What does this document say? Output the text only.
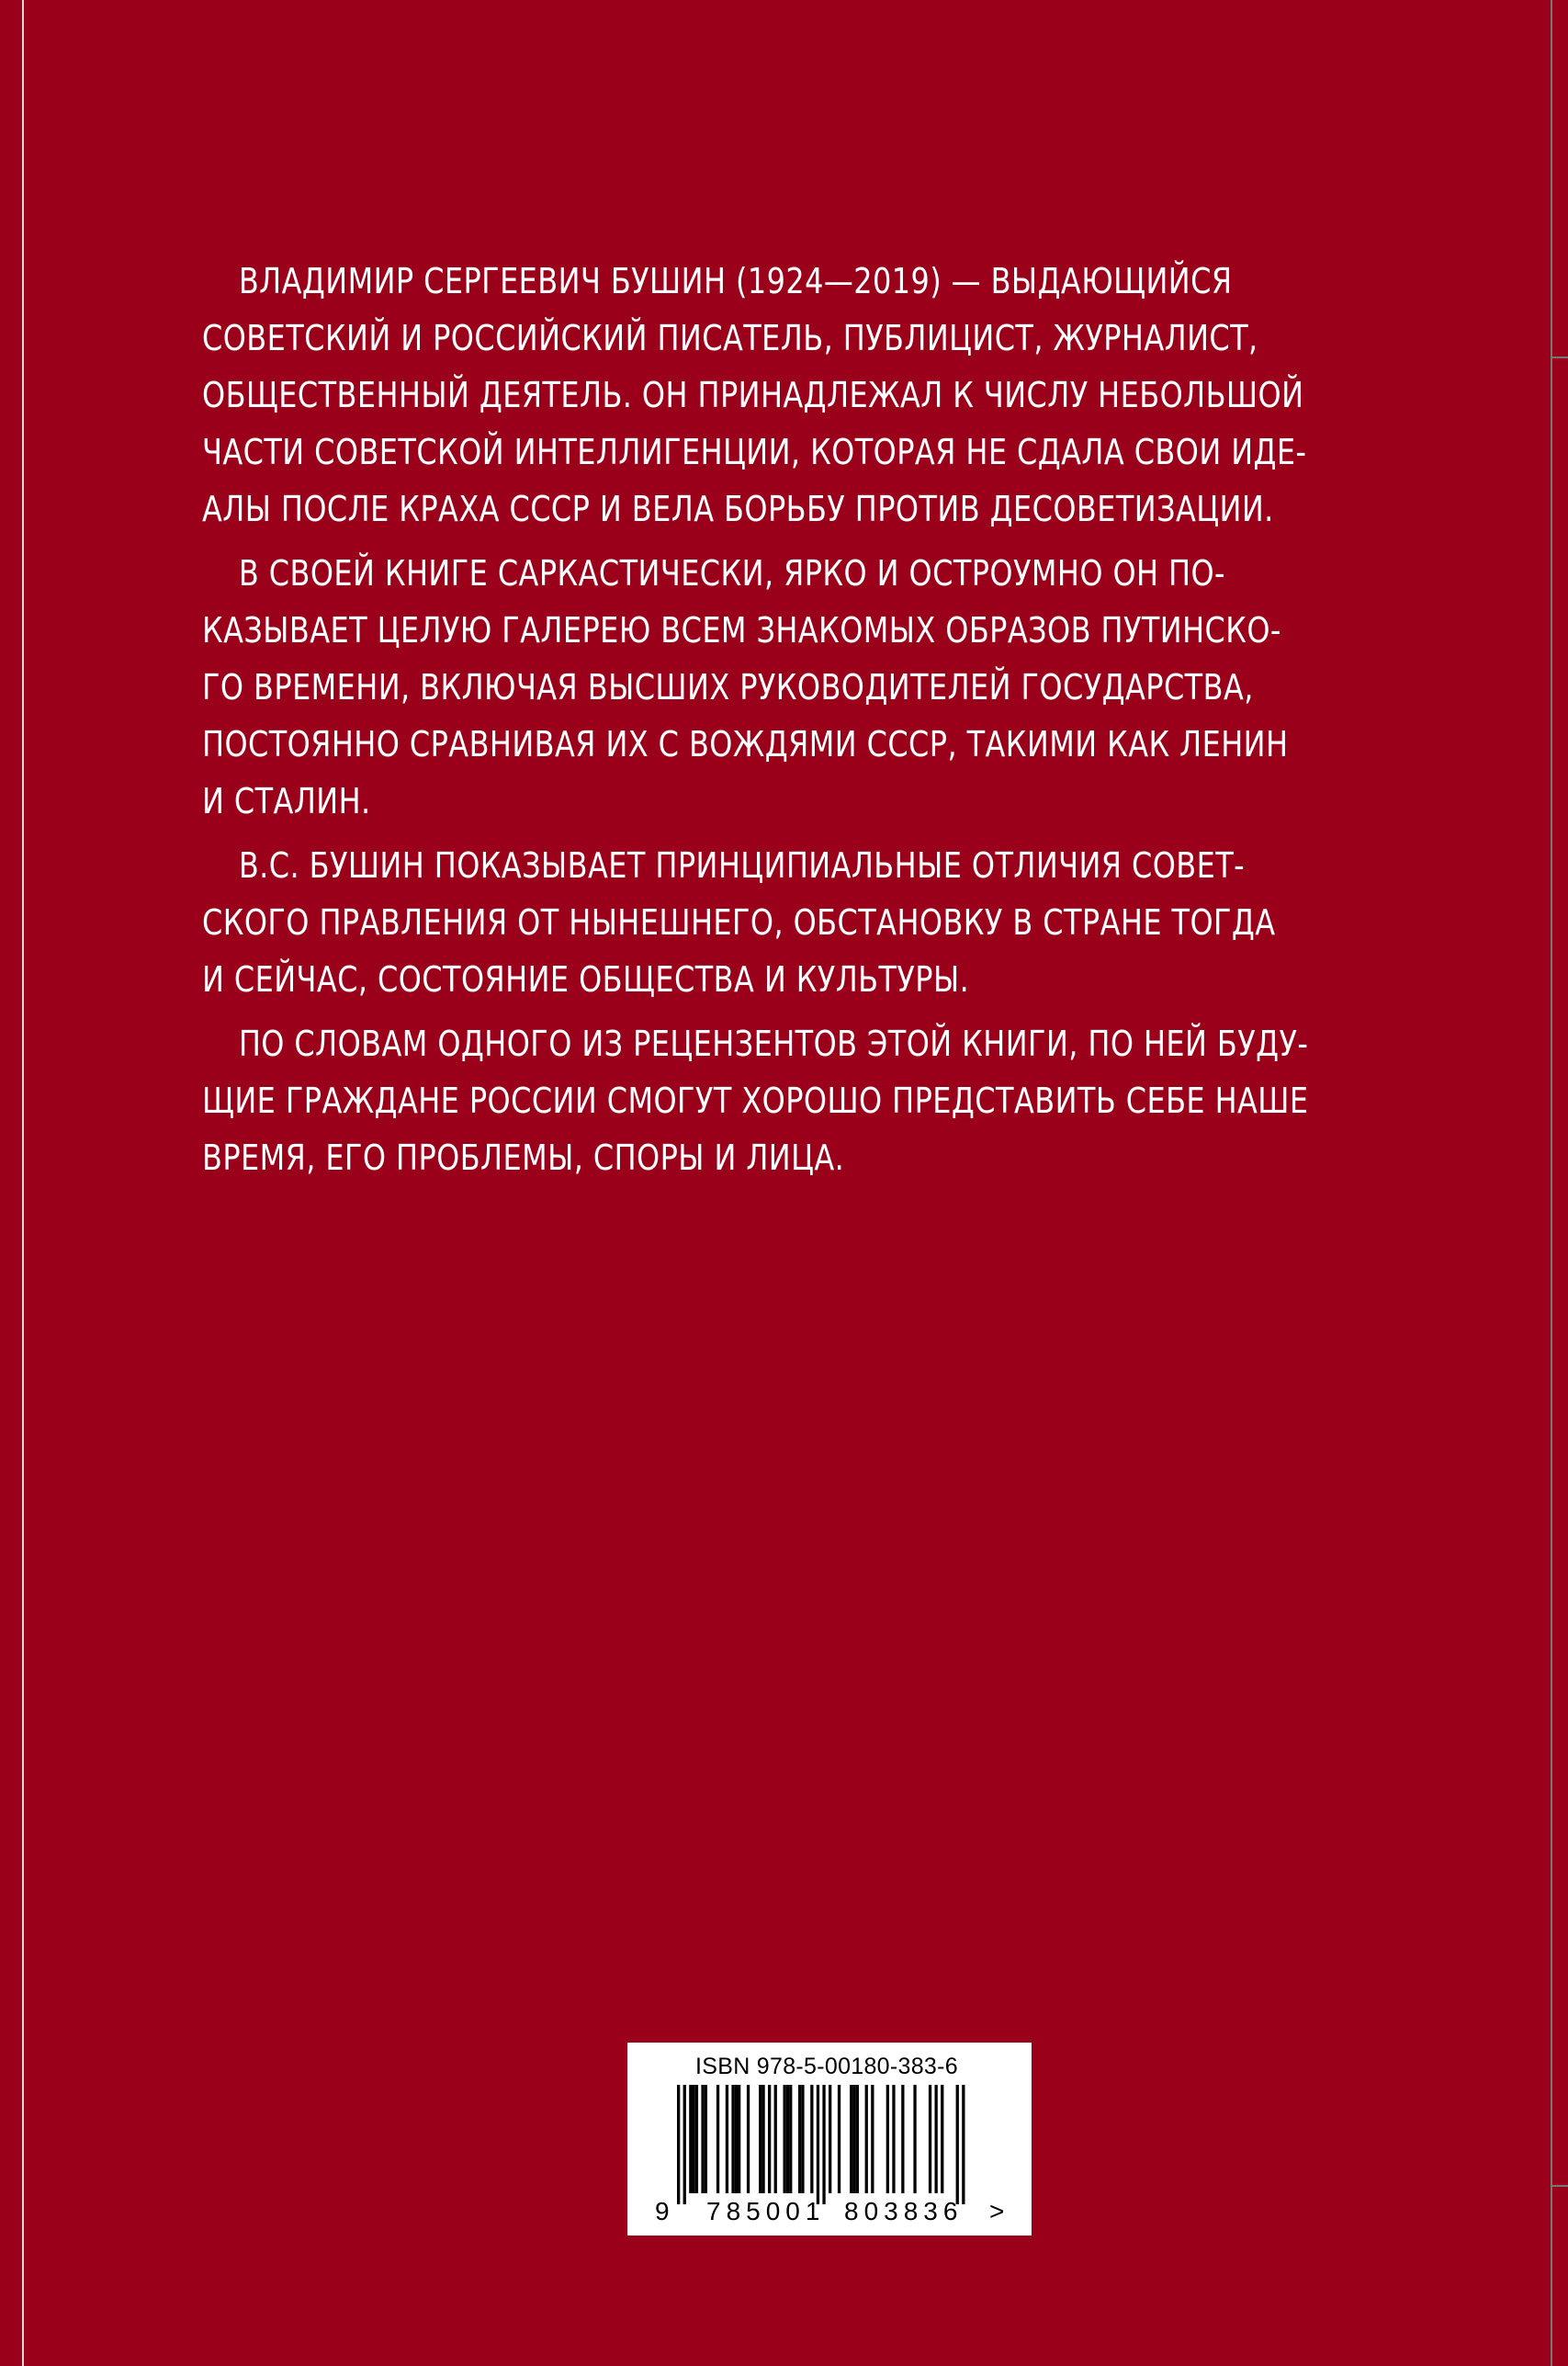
ВЛАДИМИР СЕРГЕЕВИЧ БУШИН (1924—2019) — ВЫДАЮЩИЙСЯ
СОВЕТСКИЙ И РОССИЙСКИЙ ПИСАТЕЛЬ, ПУБЛИЦИСТ, ЖУРНАЛИСТ,
ОБЩЕСТВЕННЫЙ ДЕЯТЕЛЬ. ОН ПРИНАДЛЕЖАЛ К ЧИСЛУ НЕБОЛЬШОЙ
ЧАСТИ СОВЕТСКОЙ ИНТЕЛЛИГЕНЦИИ, КОТОРАЯ НЕ СДАЛА СВОИ ИДЕ-
АЛЫ ПОСЛЕ КРАХА СССР И ВЕЛА БОРЬБУ ПРОТИВ ДЕСОВЕТИЗАЦИИ.
В СВОЕЙ КНИГЕ САРКАСТИЧЕСКИ, ЯРКО И ОСТРОУМНО ОН ПО-
КАЗЫВАЕТ ЦЕЛУЮ ГАЛЕРЕЮ ВСЕМ ЗНАКОМЫХ ОБРАЗОВ ПУТИНСКО-
ГО ВРЕМЕНИ, ВКЛЮЧАЯ ВЫСШИХ РУКОВОДИТЕЛЕЙ ГОСУДАРСТВА,
ПОСТОЯННО СРАВНИВАЯ ИХ С ВОЖДЯМИ СССР, ТАКИМИ КАК ЛЕНИН
И СТАЛИН.
В.С. БУШИН ПОКАЗЫВАЕТ ПРИНЦИПИАЛЬНЫЕ ОТЛИЧИЯ СОВЕТ-
СКОГО ПРАВЛЕНИЯ ОТ НЫНЕШНЕГО, ОБСТАНОВКУ В СТРАНЕ ТОГДА
И СЕЙЧАС, СОСТОЯНИЕ ОБЩЕСТВА И КУЛЬТУРЫ.
ПО СЛОВАМ ОДНОГО ИЗ РЕЦЕНЗЕНТОВ ЭТОЙ КНИГИ, ПО НЕЙ БУДУ-
ЩИЕ ГРАЖДАНЕ РОССИИ СМОГУТ ХОРОШО ПРЕДСТАВИТЬ СЕБЕ НАШЕ
ВРЕМЯ, ЕГО ПРОБЛЕМЫ, СПОРЫ И ЛИЦА.
ISBN 978-5-00180-383-6
9 785001 803836 >
